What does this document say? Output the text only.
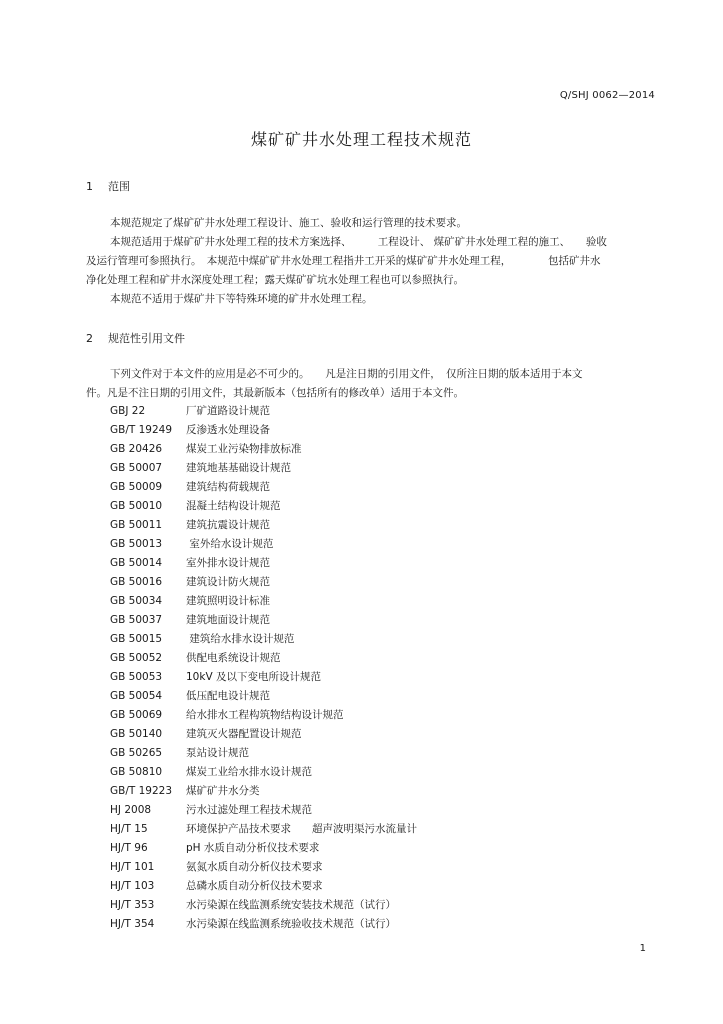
Q/SHJ 0062—2014
煤矿矿井水处理工程技术规范
1 范围
本规范规定了煤矿矿井水处理工程设计、施工、验收和运行管理的技术要求。
本规范适用于煤矿矿井水处理工程的技术方案选择、　　　工程设计、 煤矿矿井水处理工程的施工、　　验收
及运行管理可参照执行。　本规范中煤矿矿井水处理工程指井工开采的煤矿矿井水处理工程，　　　　包括矿井水
净化处理工程和矿井水深度处理工程；露天煤矿矿坑水处理工程也可以参照执行。
本规范不适用于煤矿井下等特殊环境的矿井水处理工程。
2 规范性引用文件
下列文件对于本文件的应用是必不可少的。　　凡是注日期的引用文件，　仅所注日期的版本适用于本文
件。凡是不注日期的引用文件，其最新版本（包括所有的修改单）适用于本文件。
GBJ 22	厂矿道路设计规范
GB/T 19249 反渗透水处理设备
GB 20426 煤炭工业污染物排放标准
GB 50007 建筑地基基础设计规范
GB 50009 建筑结构荷载规范
GB 50010 混凝土结构设计规范
GB 50011 建筑抗震设计规范
GB 50013 室外给水设计规范
GB 50014 室外排水设计规范
GB 50016 建筑设计防火规范
GB 50034 建筑照明设计标准
GB 50037 建筑地面设计规范
GB 50015 建筑给水排水设计规范
GB 50052 供配电系统设计规范
GB 50053 10kV 及以下变电所设计规范
GB 50054 低压配电设计规范
GB 50069 给水排水工程构筑物结构设计规范
GB 50140 建筑灭火器配置设计规范
GB 50265 泵站设计规范
GB 50810 煤炭工业给水排水设计规范
GB/T 19223 煤矿矿井水分类
HJ 2008	污水过滤处理工程技术规范
HJ/T 15	环境保护产品技术要求　　超声波明渠污水流量计
HJ/T 96	pH 水质自动分析仪技术要求
HJ/T 101	氨氮水质自动分析仪技术要求
HJ/T 103	总磷水质自动分析仪技术要求
HJ/T 353	水污染源在线监测系统安装技术规范（试行）
HJ/T 354	水污染源在线监测系统验收技术规范（试行）
1
